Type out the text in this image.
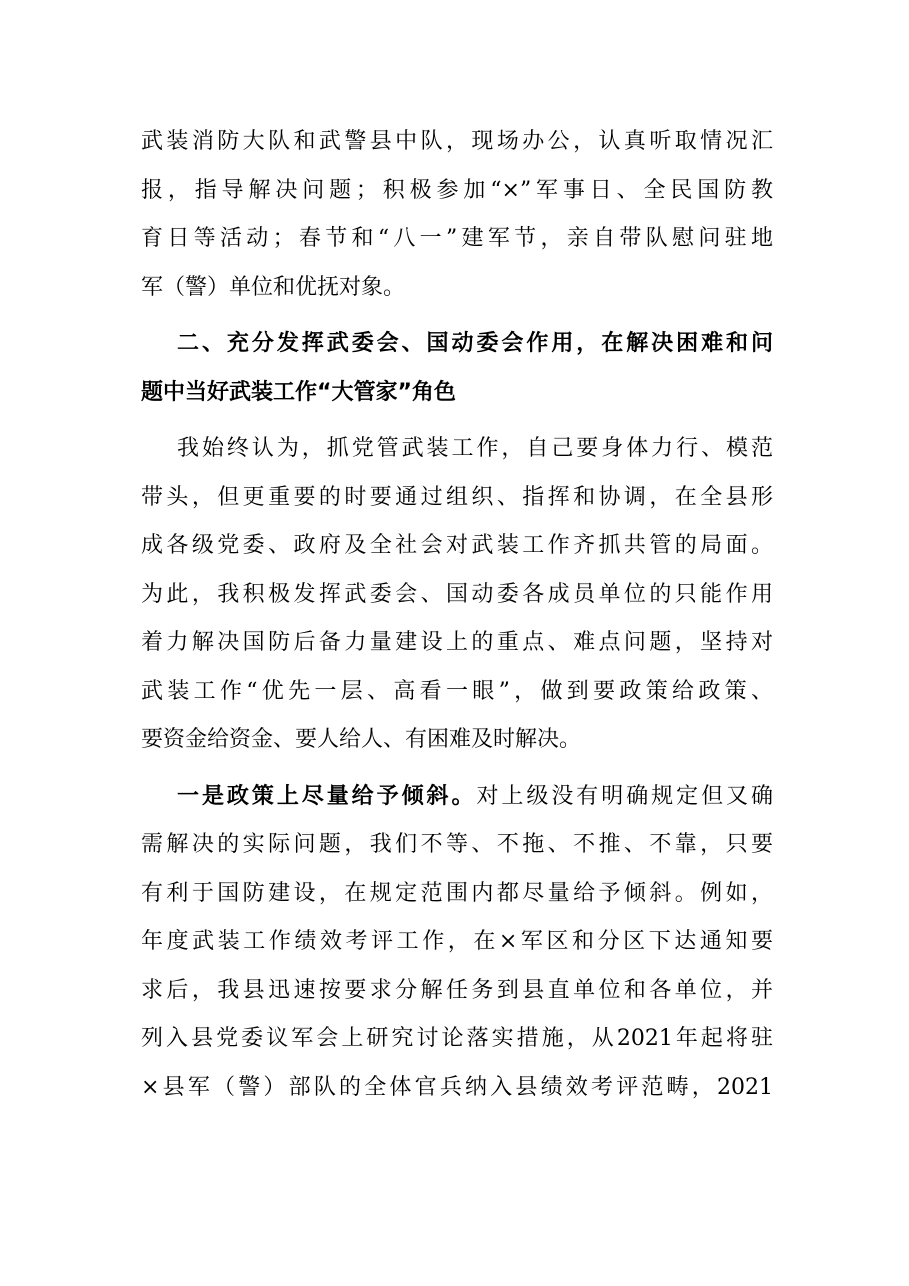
武装消防大队和武警县中队，现场办公，认真听取情况汇
报，指导解决问题；积极参加“×”军事日、全民国防教
育日等活动；春节和“八一”建军节，亲自带队慰问驻地
军（警）单位和优抚对象。
二、充分发挥武委会、国动委会作用，在解决困难和问
题中当好武装工作“大管家”角色
我始终认为，抓党管武装工作，自己要身体力行、模范
带头，但更重要的时要通过组织、指挥和协调，在全县形
成各级党委、政府及全社会对武装工作齐抓共管的局面。
为此，我积极发挥武委会、国动委各成员单位的只能作用
着力解决国防后备力量建设上的重点、难点问题，坚持对
武装工作“优先一层、高看一眼”，做到要政策给政策、
要资金给资金、要人给人、有困难及时解决。
一是政策上尽量给予倾斜。对上级没有明确规定但又确
需解决的实际问题，我们不等、不拖、不推、不靠，只要
有利于国防建设，在规定范围内都尽量给予倾斜。例如，
年度武装工作绩效考评工作，在×军区和分区下达通知要
求后，我县迅速按要求分解任务到县直单位和各单位，并
列入县党委议军会上研究讨论落实措施，从2021年起将驻
×县军（警）部队的全体官兵纳入县绩效考评范畴，2021
